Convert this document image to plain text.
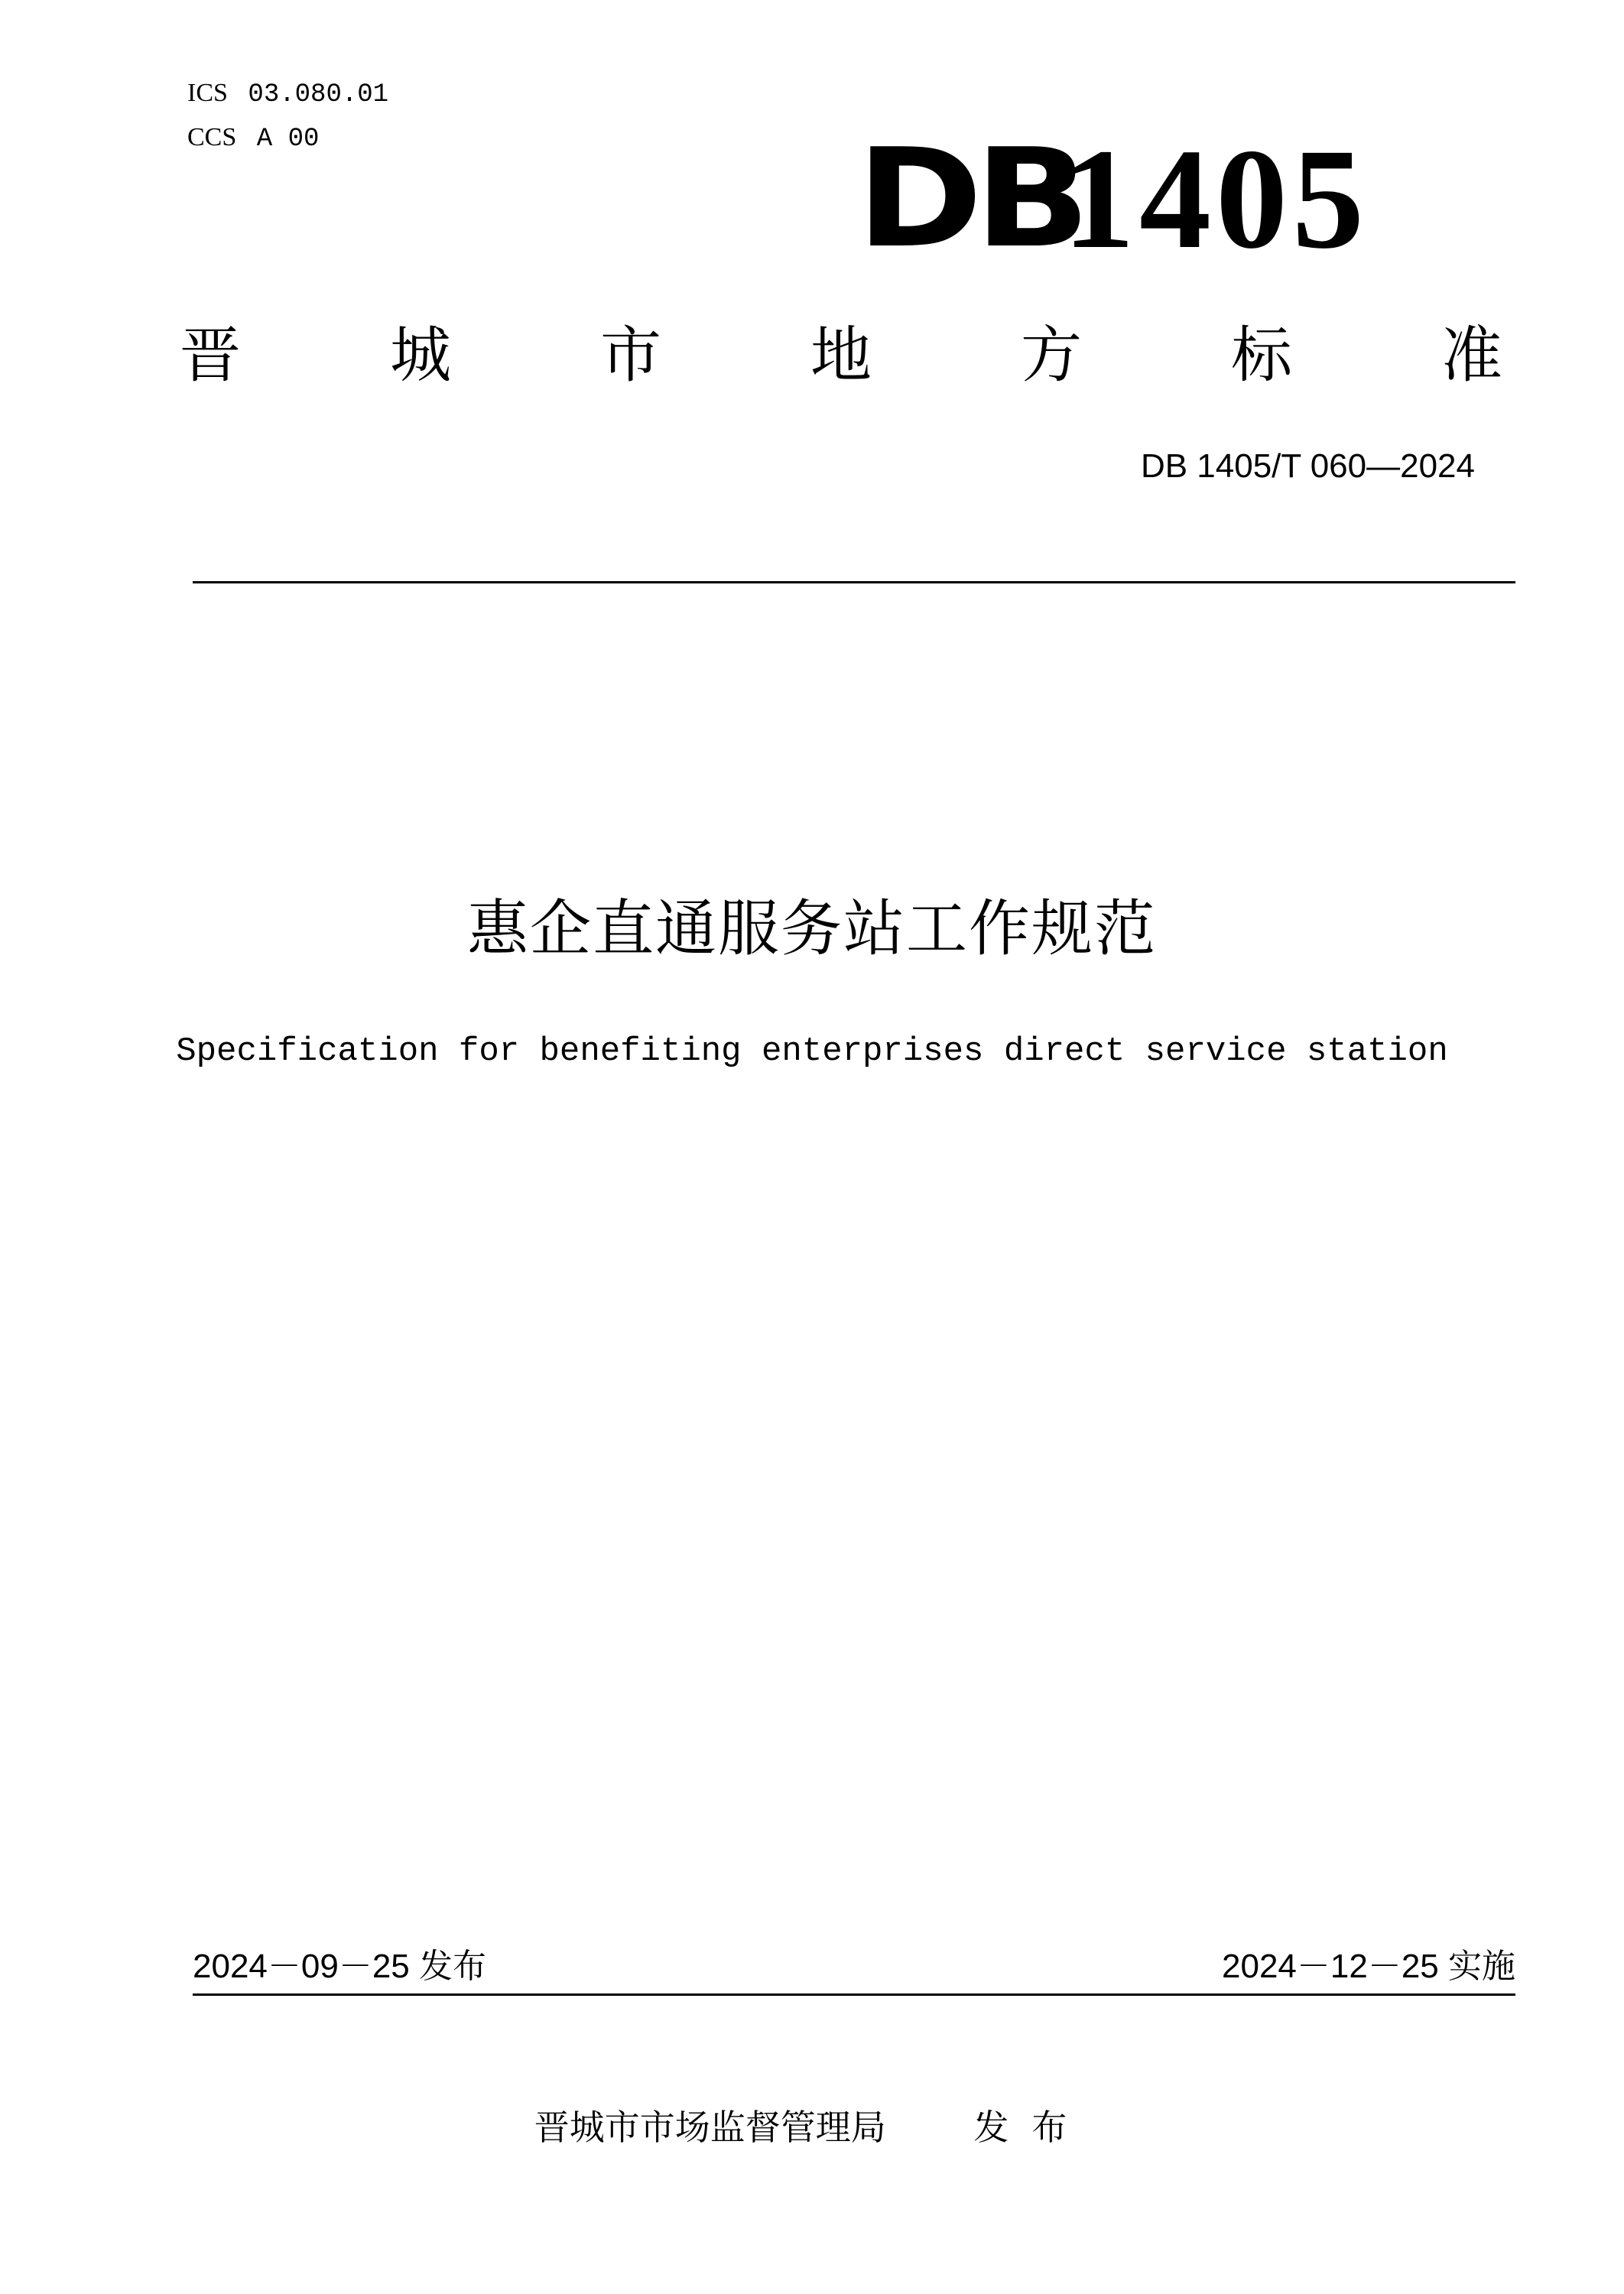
ICS 03.080.01
CCS A 00	DB
1405
晋 城 市 地 方 标 准
DB 1405/T 060—2024
惠企直通服务站工作规范
Specification for benefiting enterprises direct service station
2024－09－25 发布	2024－12－25 实施
晋城市市场监督管理局 发布
